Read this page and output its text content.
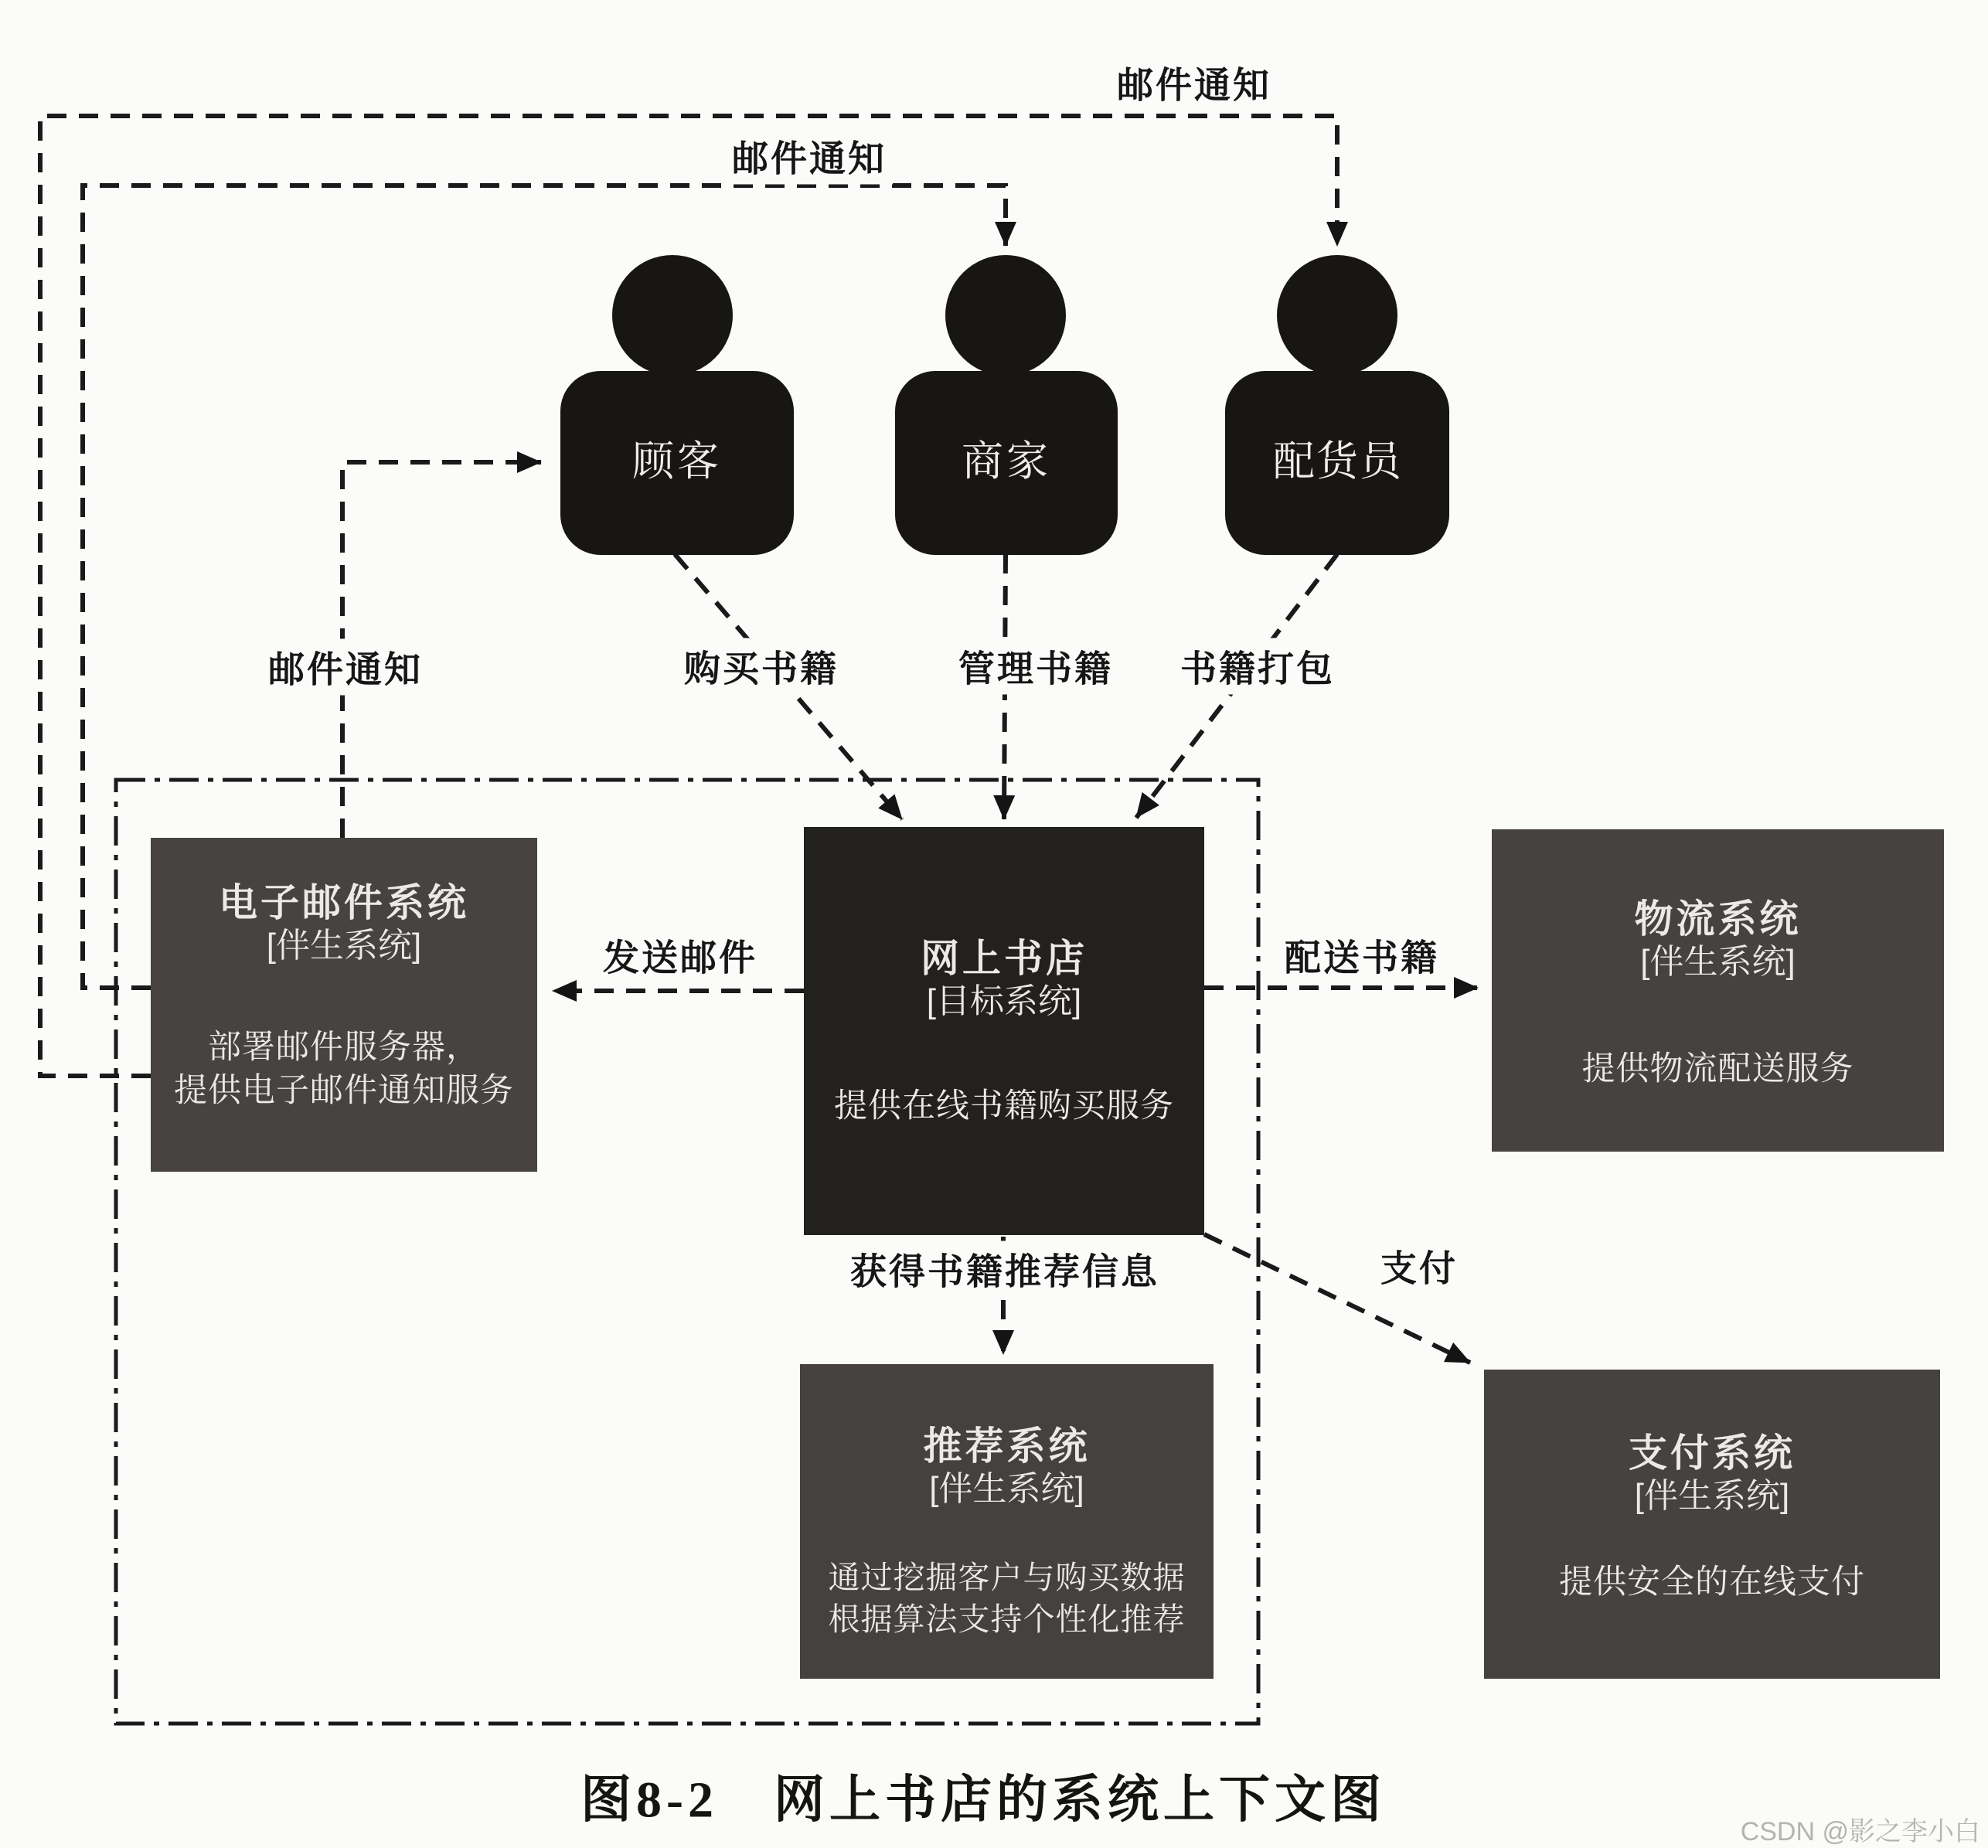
顾客	商家	配货员
电子邮件系统
[伴生系统]
部署邮件服务器，
提供电子邮件通知服务
网上书店
[目标系统]
提供在线书籍购买服务
物流系统
[伴生系统]
提供物流配送服务
推荐系统
[伴生系统]
通过挖掘客户与购买数据
根据算法支持个性化推荐
支付系统
[伴生系统]
提供安全的在线支付
邮件通知
邮件通知
邮件通知	购买书籍	管理书籍 书籍打包
发送邮件	配送书籍
获得书籍推荐信息	支付
图8-2　网上书店的系统上下文图
CSDN @影之李小白
